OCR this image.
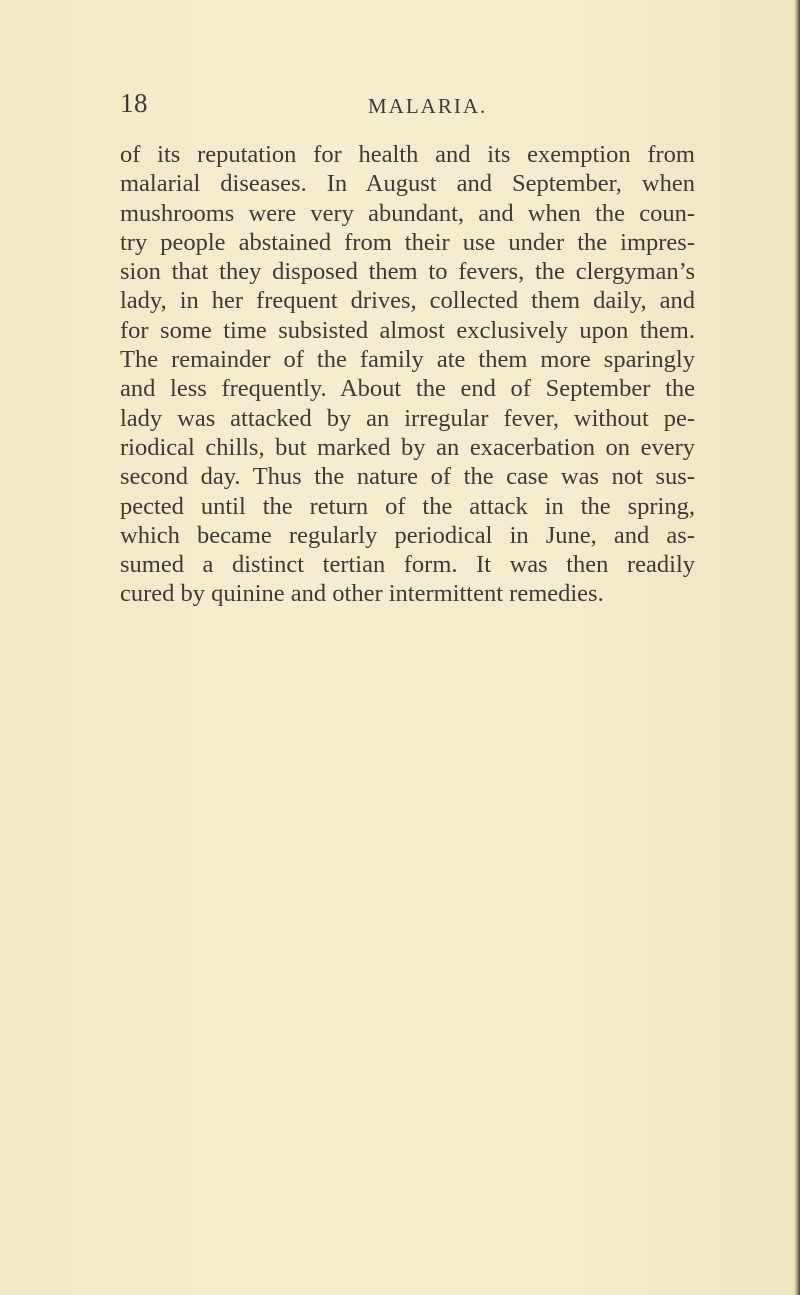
18	MALARIA.
of its reputation for health and its exemption from
malarial diseases. In August and September, when
mushrooms were very abundant, and when the coun-
try people abstained from their use under the impres-
sion that they disposed them to fevers, the clergyman’s
lady, in her frequent drives, collected them daily, and
for some time subsisted almost exclusively upon them.
The remainder of the family ate them more sparingly
and less frequently. About the end of September the
lady was attacked by an irregular fever, without pe-
riodical chills, but marked by an exacerbation on every
second day. Thus the nature of the case was not sus-
pected until the return of the attack in the spring,
which became regularly periodical in June, and as-
sumed a distinct tertian form. It was then readily
cured by quinine and other intermittent remedies.
